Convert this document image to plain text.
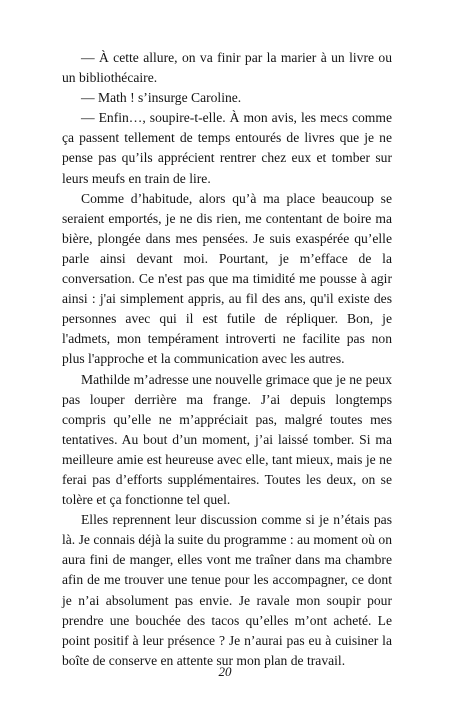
— À cette allure, on va finir par la marier à un livre ou un bibliothécaire.

— Math ! s’insurge Caroline.

— Enfin…, soupire-t-elle. À mon avis, les mecs comme ça passent tellement de temps entourés de livres que je ne pense pas qu’ils apprécient rentrer chez eux et tomber sur leurs meufs en train de lire.

Comme d’habitude, alors qu’à ma place beaucoup se seraient emportés, je ne dis rien, me contentant de boire ma bière, plongée dans mes pensées. Je suis exaspérée qu’elle parle ainsi devant moi. Pourtant, je m’efface de la conversation. Ce n'est pas que ma timidité me pousse à agir ainsi : j'ai simplement appris, au fil des ans, qu'il existe des personnes avec qui il est futile de répliquer. Bon, je l'admets, mon tempérament introverti ne facilite pas non plus l'approche et la communication avec les autres.

Mathilde m’adresse une nouvelle grimace que je ne peux pas louper derrière ma frange. J’ai depuis longtemps compris qu’elle ne m’appréciait pas, malgré toutes mes tentatives. Au bout d’un moment, j’ai laissé tomber. Si ma meilleure amie est heureuse avec elle, tant mieux, mais je ne ferai pas d’efforts supplémentaires. Toutes les deux, on se tolère et ça fonctionne tel quel.

Elles reprennent leur discussion comme si je n’étais pas là. Je connais déjà la suite du programme : au moment où on aura fini de manger, elles vont me traîner dans ma chambre afin de me trouver une tenue pour les accompagner, ce dont je n’ai absolument pas envie. Je ravale mon soupir pour prendre une bouchée des tacos qu’elles m’ont acheté. Le point positif à leur présence ? Je n’aurai pas eu à cuisiner la boîte de conserve en attente sur mon plan de travail.

20
